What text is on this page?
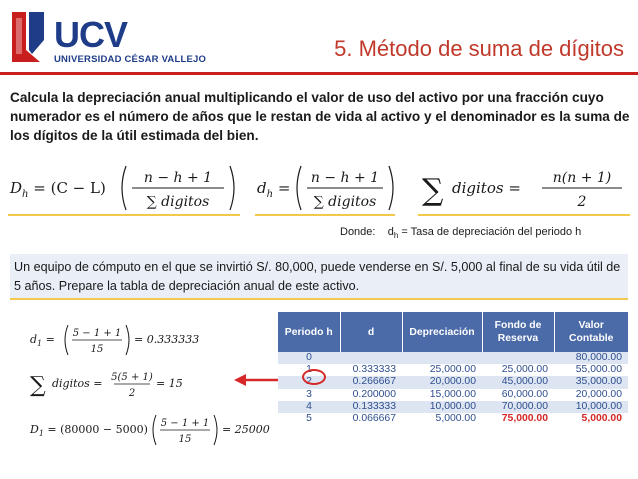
UCV
UNIVERSIDAD CÉSAR VALLEJO	5. Método de suma de dígitos
Calcula la depreciación anual multiplicando el valor de uso del activo por una fracción cuyo numerador es el número de años que le restan de vida al activo y el denominador es la suma de los dígitos de la útil estimada del bien.
$D_h = (C - L)$
n − h + 1
∑ digitos
$d_h$ =
n − h + 1
∑ digitos ∑ digitos =
n(n + 1)
2
Donde: $d_h$ = Tasa de depreciación del periodo h
Un equipo de cómputo en el que se invirtió S/. 80,000, puede venderse en S/. 5,000 al final de su vida útil de 5 años. Prepare la tabla de depreciación anual de este activo.
$d_1 = 5 - 1 + 1$
15
= 0.333333
∑ digitos = 5(5 + 1)
2
= 15
$D_1 = (80000 - 5000) 5 - 1 + 1$
15
= 25000
Periodo h	d	Depreciación	Fondo de Reserva	Valor Contable
0				80,000.00
1	0.333333	25,000.00	25,000.00	55,000.00
2	0.266667	20,000.00	45,000.00	35,000.00
3	0.200000	15,000.00	60,000.00	20,000.00
4	0.133333	10,000.00	70,000.00	10,000.00
5	0.066667	5,000.00	75,000.00	5,000.00
